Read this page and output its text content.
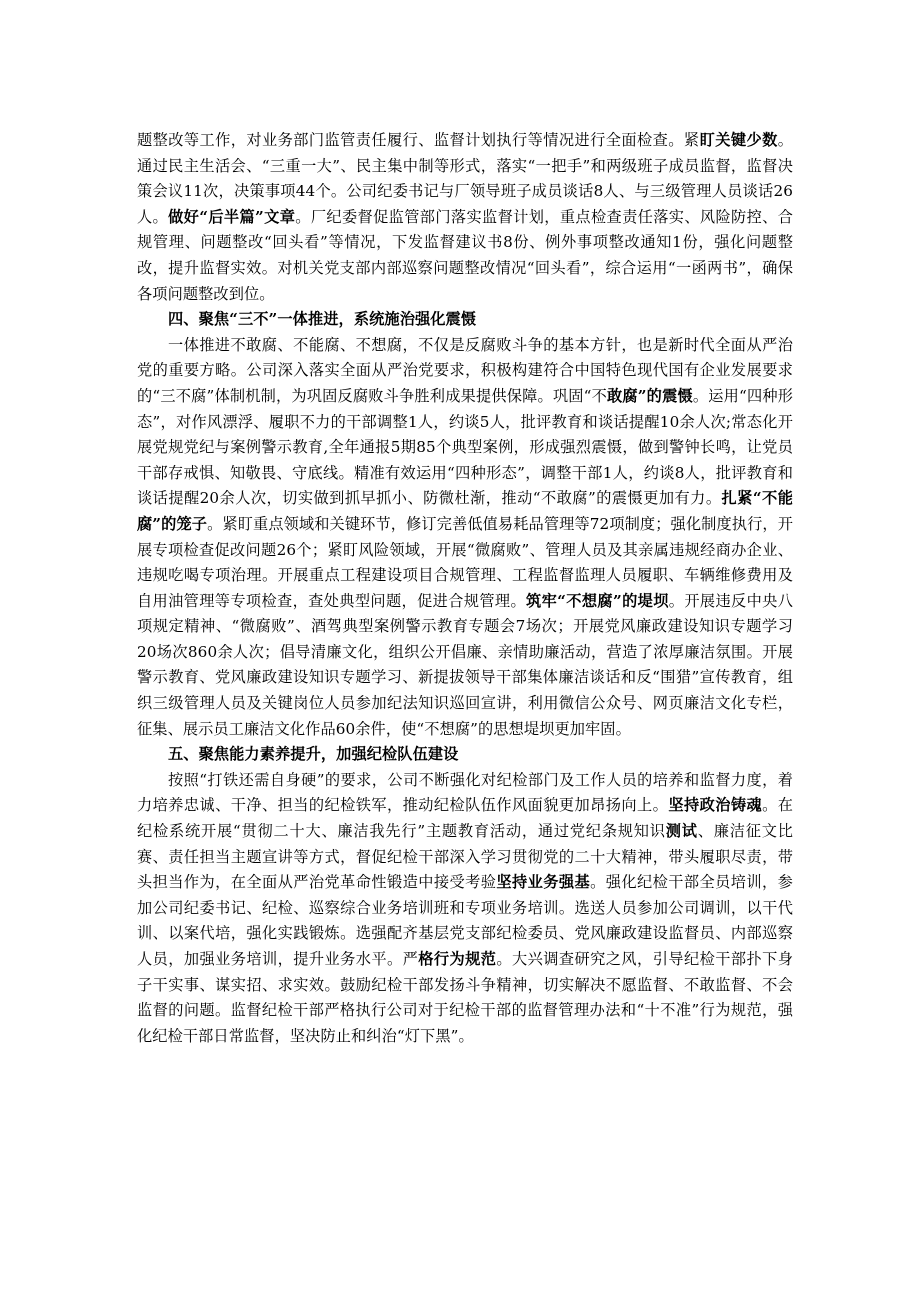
题整改等工作，对业务部门监管责任履行、监督计划执行等情况进行全面检查。紧盯关键少数。通过民主生活会、“三重一大”、民主集中制等形式，落实“一把手”和两级班子成员监督，监督决策会议11次，决策事项44个。公司纪委书记与厂领导班子成员谈话8人、与三级管理人员谈话26人。做好“后半篇”文章。厂纪委督促监管部门落实监督计划，重点检查责任落实、风险防控、合规管理、问题整改“回头看”等情况，下发监督建议书8份、例外事项整改通知1份，强化问题整改，提升监督实效。对机关党支部内部巡察问题整改情况“回头看”，综合运用“一函两书”，确保各项问题整改到位。

四、聚焦“三不”一体推进，系统施治强化震慑

一体推进不敢腐、不能腐、不想腐，不仅是反腐败斗争的基本方针，也是新时代全面从严治党的重要方略。公司深入落实全面从严治党要求，积极构建符合中国特色现代国有企业发展要求的“三不腐”体制机制，为巩固反腐败斗争胜利成果提供保障。巩固“不敢腐”的震慑。运用“四种形态”，对作风漂浮、履职不力的干部调整1人，约谈5人，批评教育和谈话提醒10余人次;常态化开展党规党纪与案例警示教育,全年通报5期85个典型案例，形成强烈震慑，做到警钟长鸣，让党员干部存戒惧、知敬畏、守底线。精准有效运用“四种形态”，调整干部1人，约谈8人，批评教育和谈话提醒20余人次，切实做到抓早抓小、防微杜渐，推动“不敢腐”的震慑更加有力。扎紧“不能腐”的笼子。紧盯重点领域和关键环节，修订完善低值易耗品管理等72项制度；强化制度执行，开展专项检查促改问题26个；紧盯风险领域，开展“微腐败”、管理人员及其亲属违规经商办企业、违规吃喝专项治理。开展重点工程建设项目合规管理、工程监督监理人员履职、车辆维修费用及自用油管理等专项检查，查处典型问题，促进合规管理。筑牢“不想腐”的堤坝。开展违反中央八项规定精神、“微腐败”、酒驾典型案例警示教育专题会7场次；开展党风廉政建设知识专题学习20场次860余人次；倡导清廉文化，组织公开倡廉、亲情助廉活动，营造了浓厚廉洁氛围。开展警示教育、党风廉政建设知识专题学习、新提拔领导干部集体廉洁谈话和反“围猎”宣传教育，组织三级管理人员及关键岗位人员参加纪法知识巡回宣讲，利用微信公众号、网页廉洁文化专栏，征集、展示员工廉洁文化作品60余件，使“不想腐”的思想堤坝更加牢固。

五、聚焦能力素养提升，加强纪检队伍建设

按照“打铁还需自身硬”的要求，公司不断强化对纪检部门及工作人员的培养和监督力度，着力培养忠诚、干净、担当的纪检铁军，推动纪检队伍作风面貌更加昂扬向上。坚持政治铸魂。在纪检系统开展“贯彻二十大、廉洁我先行”主题教育活动，通过党纪条规知识测试、廉洁征文比赛、责任担当主题宣讲等方式，督促纪检干部深入学习贯彻党的二十大精神，带头履职尽责，带头担当作为，在全面从严治党革命性锻造中接受考验坚持业务强基。强化纪检干部全员培训，参加公司纪委书记、纪检、巡察综合业务培训班和专项业务培训。选送人员参加公司调训，以干代训、以案代培，强化实践锻炼。选强配齐基层党支部纪检委员、党风廉政建设监督员、内部巡察人员，加强业务培训，提升业务水平。严格行为规范。大兴调查研究之风，引导纪检干部扑下身子干实事、谋实招、求实效。鼓励纪检干部发扬斗争精神，切实解决不愿监督、不敢监督、不会监督的问题。监督纪检干部严格执行公司对于纪检干部的监督管理办法和“十不准”行为规范，强化纪检干部日常监督，坚决防止和纠治“灯下黑”。
